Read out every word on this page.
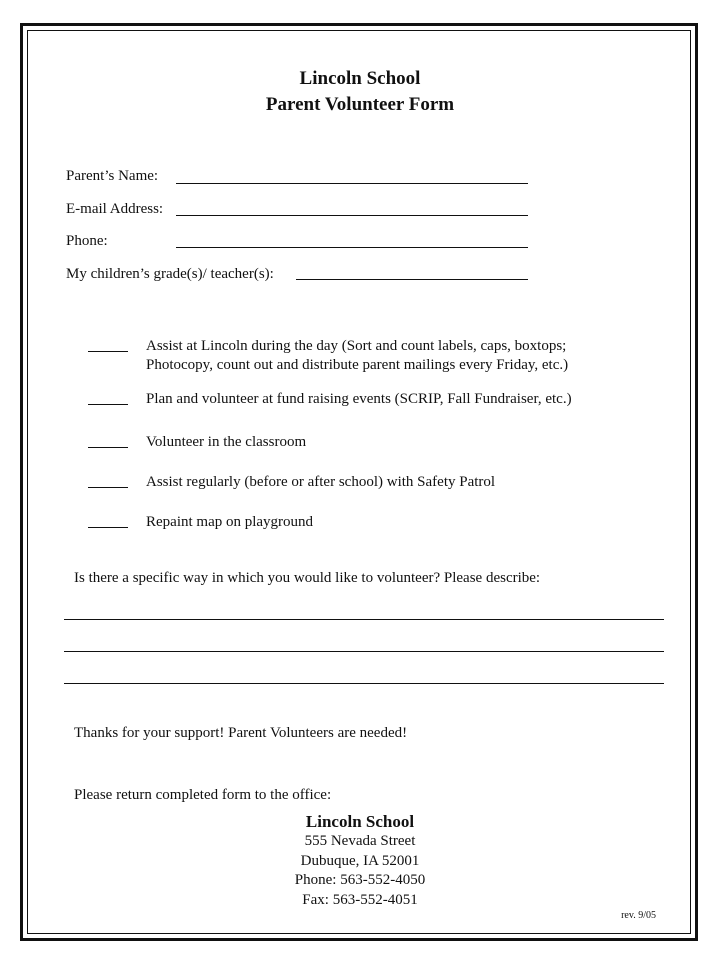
Lincoln School
Parent Volunteer Form
Parent’s Name:
E-mail Address:
Phone:
My children’s grade(s)/ teacher(s):
Assist at Lincoln during the day (Sort and count labels, caps, boxtops;
Photocopy, count out and distribute parent mailings every Friday, etc.)
Plan and volunteer at fund raising events (SCRIP, Fall Fundraiser, etc.)
Volunteer in the classroom
Assist regularly (before or after school) with Safety Patrol
Repaint map on playground
Is there a specific way in which you would like to volunteer? Please describe:
Thanks for your support! Parent Volunteers are needed!
Please return completed form to the office:
Lincoln School
555 Nevada Street
Dubuque, IA 52001
Phone: 563-552-4050
Fax: 563-552-4051
rev. 9/05
